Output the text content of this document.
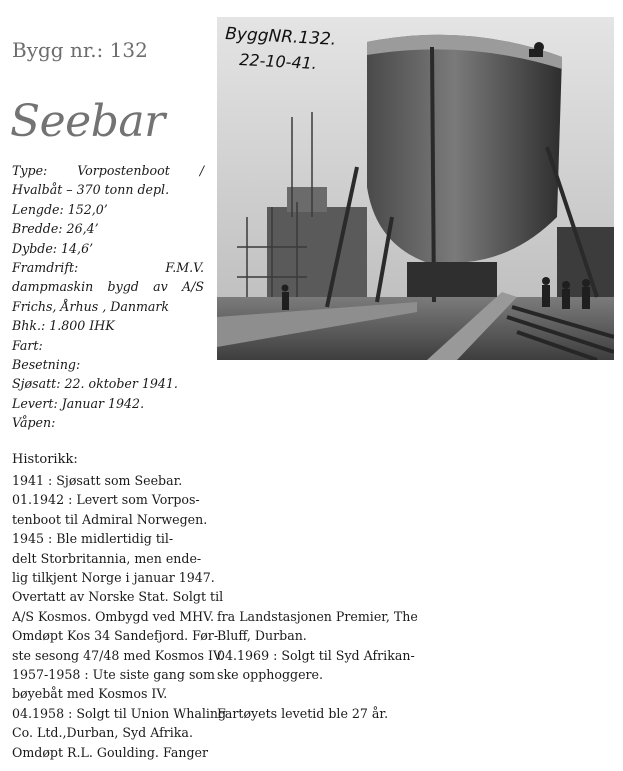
Bygg nr.: 132
Seebar
Type: Vorpostenboot / Hvalbåt – 370 tonn depl.
Lengde: 152,0’
Bredde: 26,4’
Dybde: 14,6’
Framdrift: F.M.V. dampmaskin bygd av A/S Frichs, Århus , Danmark
Bhk.: 1.800 IHK
Fart:
Besetning:
Sjøsatt: 22. oktober 1941.
Levert: Januar 1942.
Våpen:
Historikk:
1941 : Sjøsatt som Seebar.
01.1942 : Levert som Vorpos-
tenboot til Admiral Norwegen.
1945 : Ble midlertidig til-
delt Storbritannia, men ende-
lig tilkjent Norge i januar 1947.
Overtatt av Norske Stat. Solgt til
A/S Kosmos. Ombygd ved MHV.
Omdøpt Kos 34 Sandefjord. Før-
ste sesong 47/48 med Kosmos IV.
1957-1958 : Ute siste gang som
bøyebåt med Kosmos IV.
04.1958 : Solgt til Union Whaling
Co. Ltd.,Durban, Syd Afrika.
Omdøpt R.L. Goulding. Fanger
fra Landstasjonen Premier, The
Bluff, Durban.
04.1969 : Solgt til Syd Afrikan-
ske opphoggere.

Fartøyets levetid ble 27 år.
ByggNR.132.
22-10-41.
